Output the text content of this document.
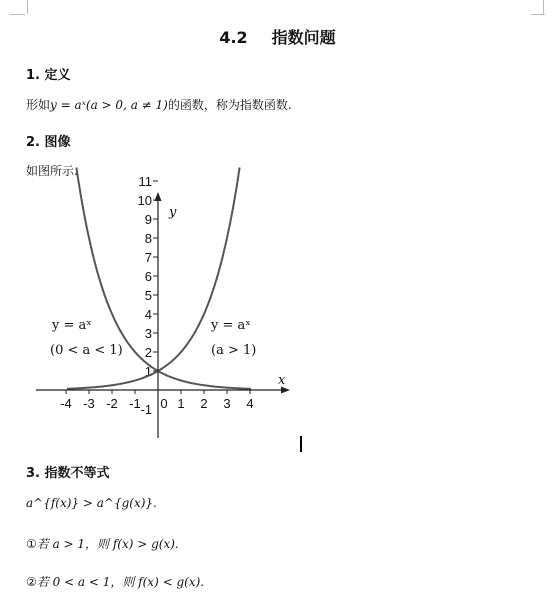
4.2 指数问题
1. 定义
形如y = aˣ(a > 0, a ≠ 1)的函数，称为指数函数.
2. 图像
如图所示.
11
10
9
8
7
6
5
4
3
2
1
-1
-4 -3 -2 -1 0 1 2 3 4
x
y
y = aˣ
(0 < a < 1)
y = aˣ
(a > 1)
3. 指数不等式
a^{f(x)} > a^{g(x)}.
①若 a > 1，则 f(x) > g(x).
②若 0 < a < 1，则 f(x) < g(x).
